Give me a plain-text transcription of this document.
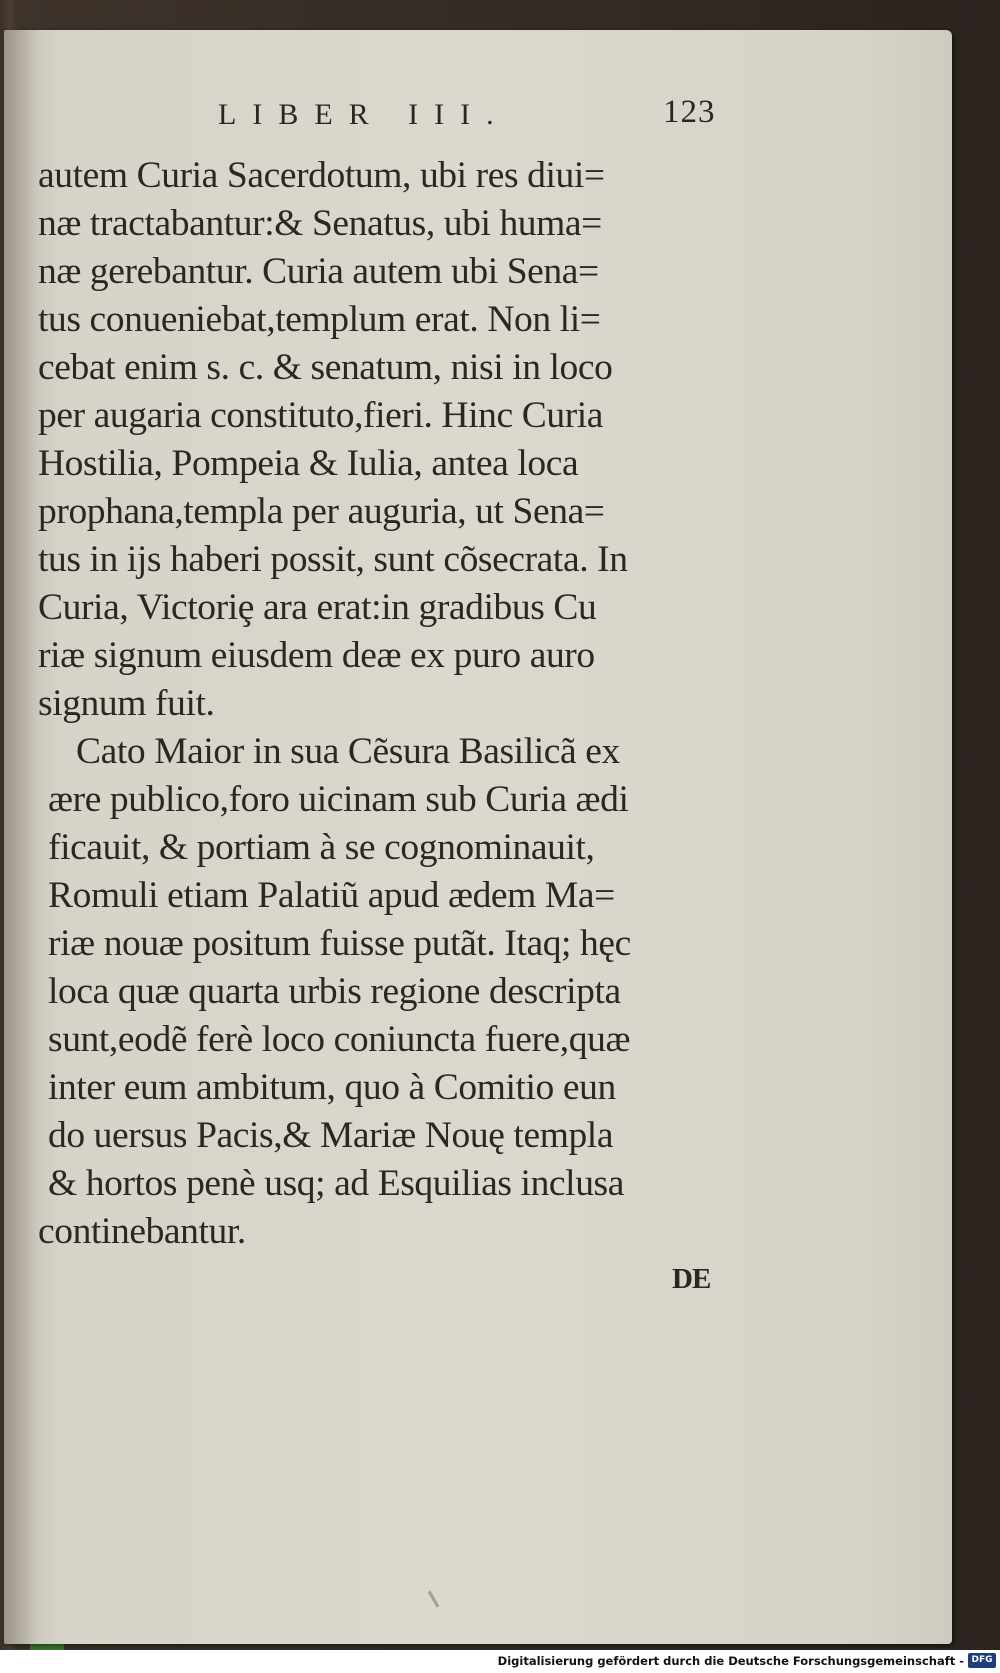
LIBER III.	123
autem Curia Sacerdotum, ubi res diui=
næ tractabantur:& Senatus, ubi huma=
næ gerebantur. Curia autem ubi Sena=
tus conueniebat,templum erat. Non li=
cebat enim s. c. & senatum, nisi in loco
per augaria constituto,fieri. Hinc Curia
Hostilia, Pompeia & Iulia, antea loca
prophana,templa per auguria, ut Sena=
tus in ijs haberi possit, sunt cõsecrata. In
Curia, Victoriȩ ara erat:in gradibus Cu
riæ signum eiusdem deæ ex puro auro
signum fuit.
Cato Maior in sua Cẽsura Basilicã ex
ære publico,foro uicinam sub Curia ædi
ficauit, & portiam à se cognominauit,
Romuli etiam Palatiũ apud ædem Ma=
riæ nouæ positum fuisse putãt. Itaq; hęc
loca quæ quarta urbis regione descripta
sunt,eodẽ ferè loco coniuncta fuere,quæ
inter eum ambitum, quo à Comitio eun
do uersus Pacis,& Mariæ Nouę templa
& hortos penè usq; ad Esquilias inclusa
continebantur.
DE
Digitalisierung gefördert durch die Deutsche Forschungsgemeinschaft - DFG
